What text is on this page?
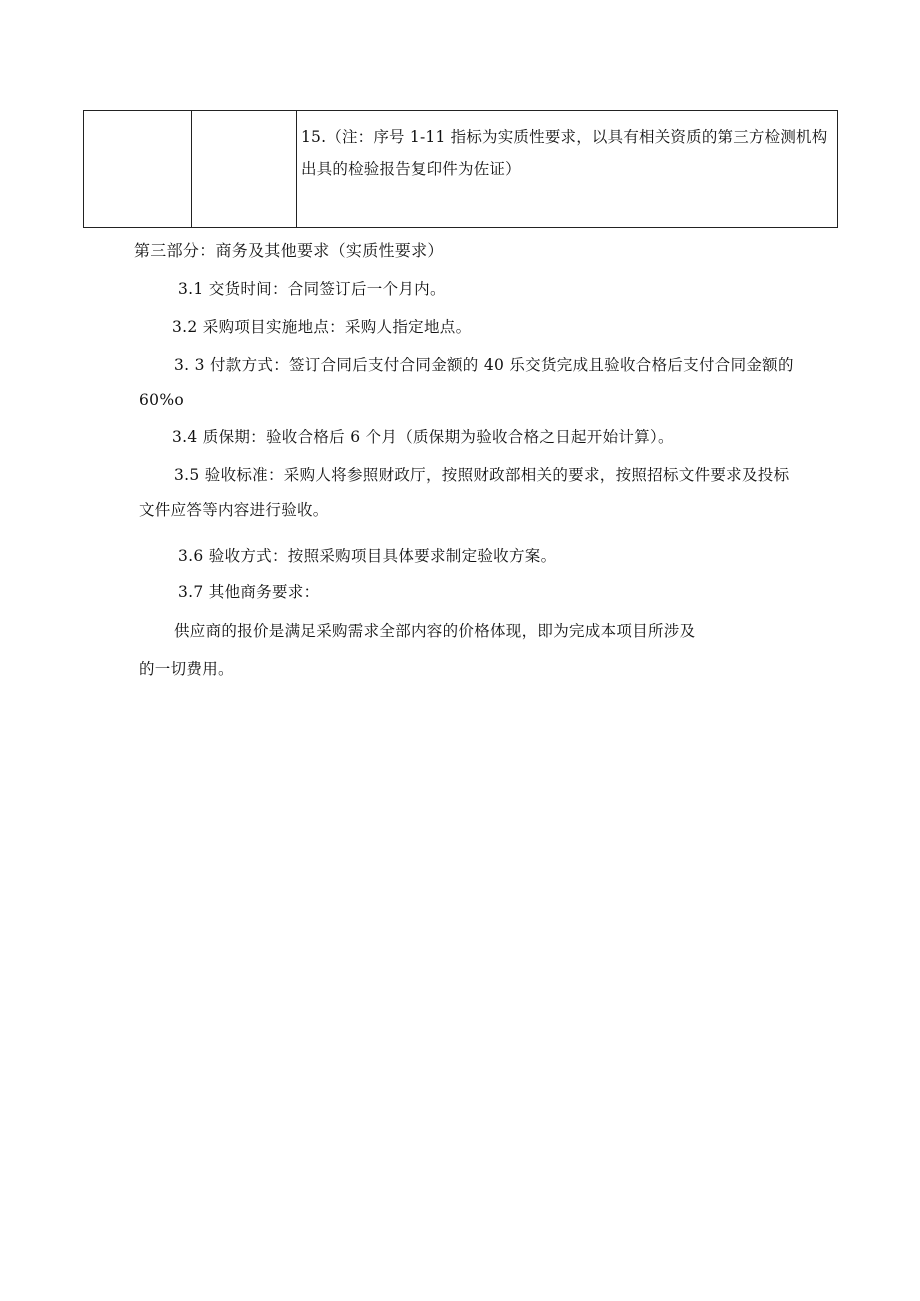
15.（注：序号 1-11 指标为实质性要求，以具有相关资质的第三方检测机构出具的检验报告复印件为佐证）
第三部分：商务及其他要求（实质性要求）
3.1 交货时间：合同签订后一个月内。
3.2 采购项目实施地点：采购人指定地点。
3. 3 付款方式：签订合同后支付合同金额的 40 乐交货完成且验收合格后支付合同金额的
60%o
3.4 质保期：验收合格后 6 个月（质保期为验收合格之日起开始计算）。
3.5 验收标准：采购人将参照财政厅，按照财政部相关的要求，按照招标文件要求及投标
文件应答等内容进行验收。
3.6 验收方式：按照采购项目具体要求制定验收方案。
3.7 其他商务要求：
供应商的报价是满足采购需求全部内容的价格体现，即为完成本项目所涉及
的一切费用。
